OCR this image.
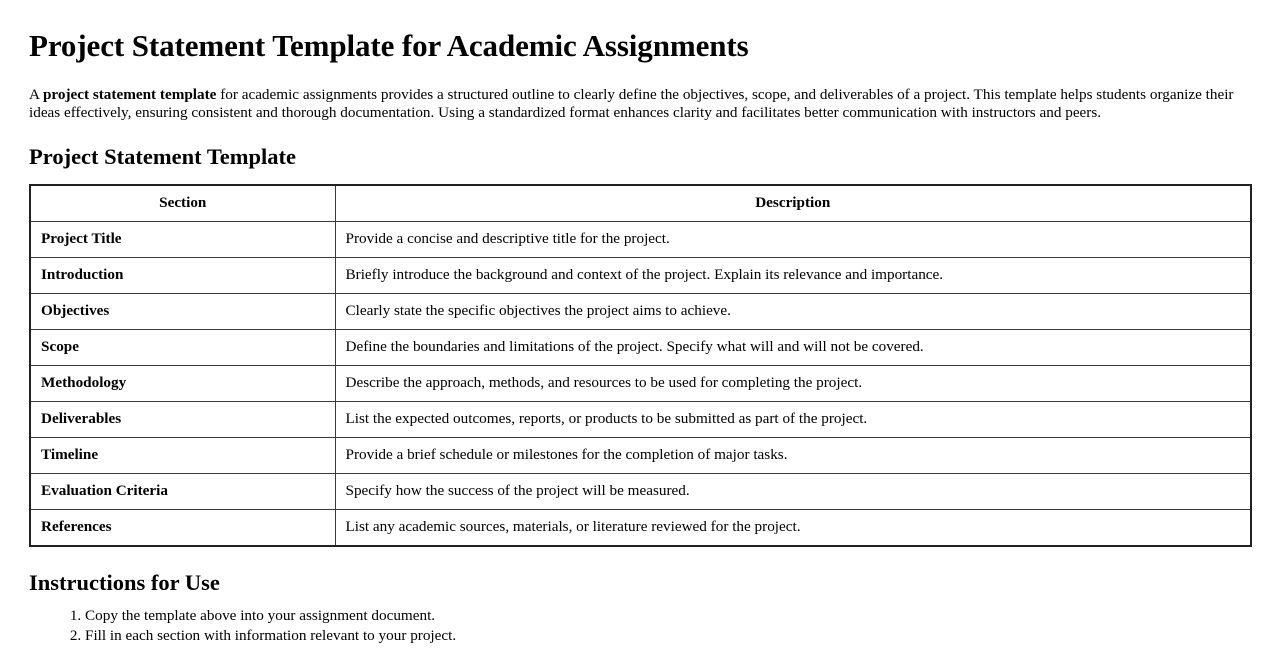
Project Statement Template for Academic Assignments

A project statement template for academic assignments provides a structured outline to clearly define the objectives, scope, and deliverables of a project. This template helps students organize their ideas effectively, ensuring consistent and thorough documentation. Using a standardized format enhances clarity and facilitates better communication with instructors and peers.

Project Statement Template
Section	Description
Project Title	Provide a concise and descriptive title for the project.
Introduction	Briefly introduce the background and context of the project. Explain its relevance and importance.
Objectives	Clearly state the specific objectives the project aims to achieve.
Scope	Define the boundaries and limitations of the project. Specify what will and will not be covered.
Methodology	Describe the approach, methods, and resources to be used for completing the project.
Deliverables	List the expected outcomes, reports, or products to be submitted as part of the project.
Timeline	Provide a brief schedule or milestones for the completion of major tasks.
Evaluation Criteria	Specify how the success of the project will be measured.
References	List any academic sources, materials, or literature reviewed for the project.
Instructions for Use
1. Copy the template above into your assignment document.
2. Fill in each section with information relevant to your project.
